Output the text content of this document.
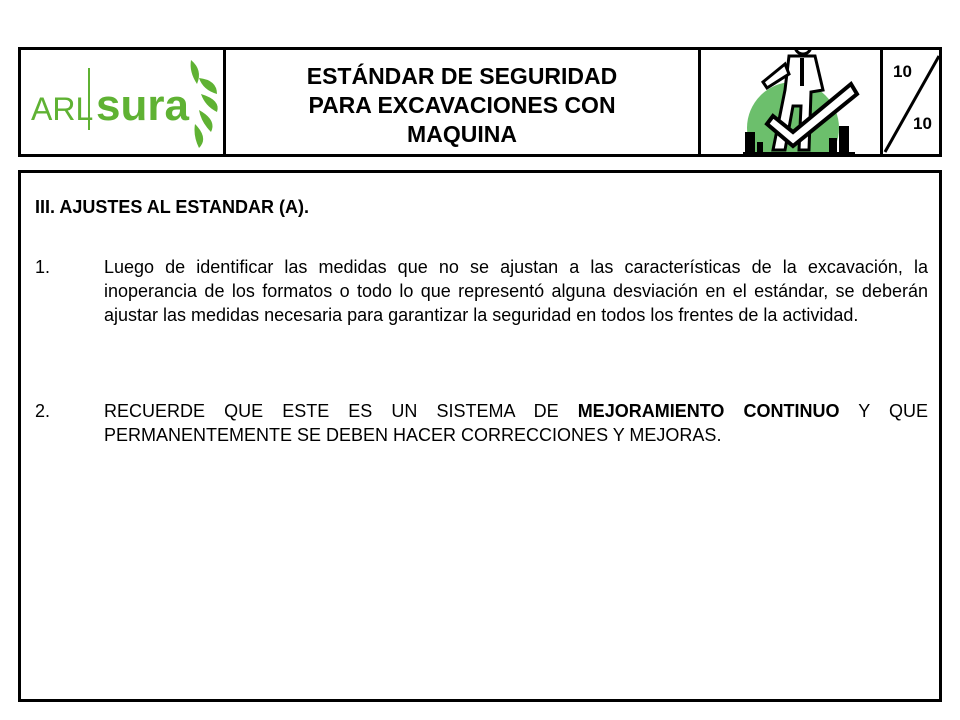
ARL sura
ESTÁNDAR DE SEGURIDAD
PARA EXCAVACIONES CON
MAQUINA
10
10
III. AJUSTES AL ESTANDAR (A).
1.	Luego de identificar las medidas que no se ajustan a las características de la excavación, la inoperancia de los formatos o todo lo que representó alguna desviación en el estándar, se deberán ajustar las medidas necesaria para garantizar la seguridad en todos los frentes de la actividad.
2.	RECUERDE QUE ESTE ES UN SISTEMA DE MEJORAMIENTO CONTINUO Y QUE PERMANENTEMENTE SE DEBEN HACER CORRECCIONES Y MEJORAS.
